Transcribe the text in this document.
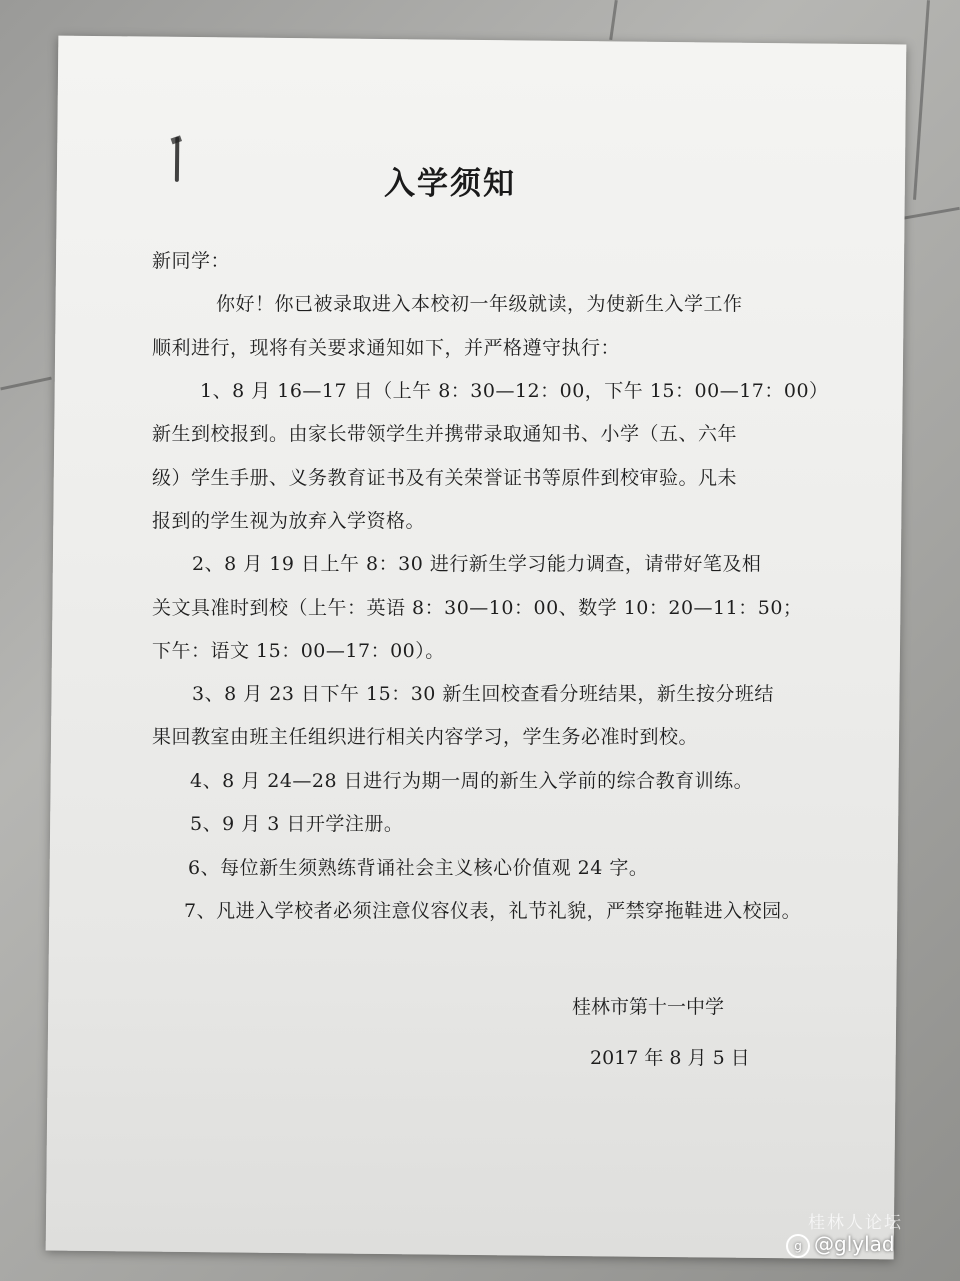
入学须知
新同学：
你好！你已被录取进入本校初一年级就读，为使新生入学工作
顺利进行，现将有关要求通知如下，并严格遵守执行：
1、8 月 16—17 日（上午 8：30—12：00，下午 15：00—17：00）
新生到校报到。由家长带领学生并携带录取通知书、小学（五、六年
级）学生手册、义务教育证书及有关荣誉证书等原件到校审验。凡未
报到的学生视为放弃入学资格。
2、8 月 19 日上午 8：30 进行新生学习能力调查，请带好笔及相
关文具准时到校（上午：英语 8：30—10：00、数学 10：20—11：50；
下午：语文 15：00—17：00）。
3、8 月 23 日下午 15：30 新生回校查看分班结果，新生按分班结
果回教室由班主任组织进行相关内容学习，学生务必准时到校。
4、8 月 24—28 日进行为期一周的新生入学前的综合教育训练。
5、9 月 3 日开学注册。
6、每位新生须熟练背诵社会主义核心价值观 24 字。
7、凡进入学校者必须注意仪容仪表，礼节礼貌，严禁穿拖鞋进入校园。
桂林市第十一中学
2017 年 8 月 5 日
桂林人论坛
g @glylad
